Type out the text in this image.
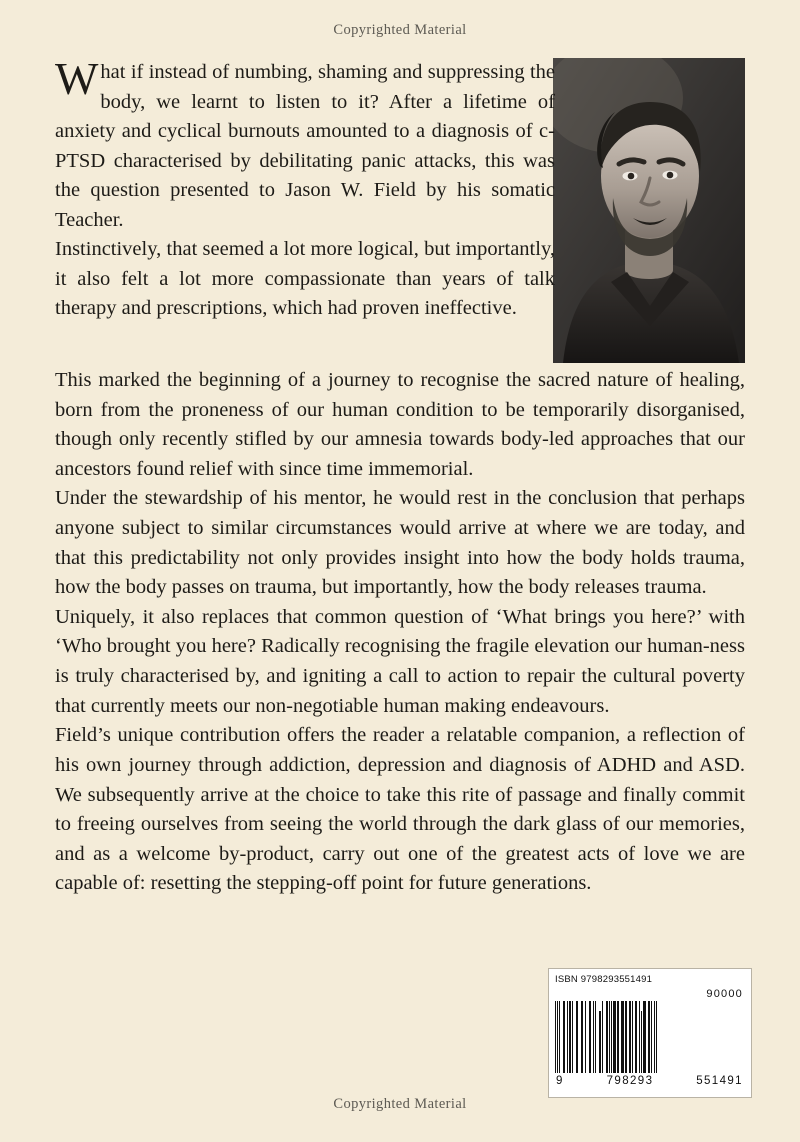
Copyrighted Material

What if instead of numbing, shaming and suppressing the body, we learnt to listen to it? After a lifetime of anxiety and cyclical burnouts amounted to a diagnosis of c-PTSD characterised by debilitating panic attacks, this was the question presented to Jason W. Field by his somatic Teacher.

Instinctively, that seemed a lot more logical, but importantly, it also felt a lot more compassionate than years of talk therapy and prescriptions, which had proven ineffective.

This marked the beginning of a journey to recognise the sacred nature of healing, born from the proneness of our human condition to be temporarily disorganised, though only recently stifled by our amnesia towards body-led approaches that our ancestors found relief with since time immemorial.

Under the stewardship of his mentor, he would rest in the conclusion that perhaps anyone subject to similar circumstances would arrive at where we are today, and that this predictability not only provides insight into how the body holds trauma, how the body passes on trauma, but importantly, how the body releases trauma.

Uniquely, it also replaces that common question of ‘What brings you here?’ with ‘Who brought you here? Radically recognising the fragile elevation our human-ness is truly characterised by, and igniting a call to action to repair the cultural poverty that currently meets our non-negotiable human making endeavours.

Field’s unique contribution offers the reader a relatable companion, a reflection of his own journey through addiction, depression and diagnosis of ADHD and ASD. We subsequently arrive at the choice to take this rite of passage and finally commit to freeing ourselves from seeing the world through the dark glass of our memories, and as a welcome by-product, carry out one of the greatest acts of love we are capable of: resetting the stepping-off point for future generations.

ISBN 9798293551491
90000
9	798293	551491
Copyrighted Material
